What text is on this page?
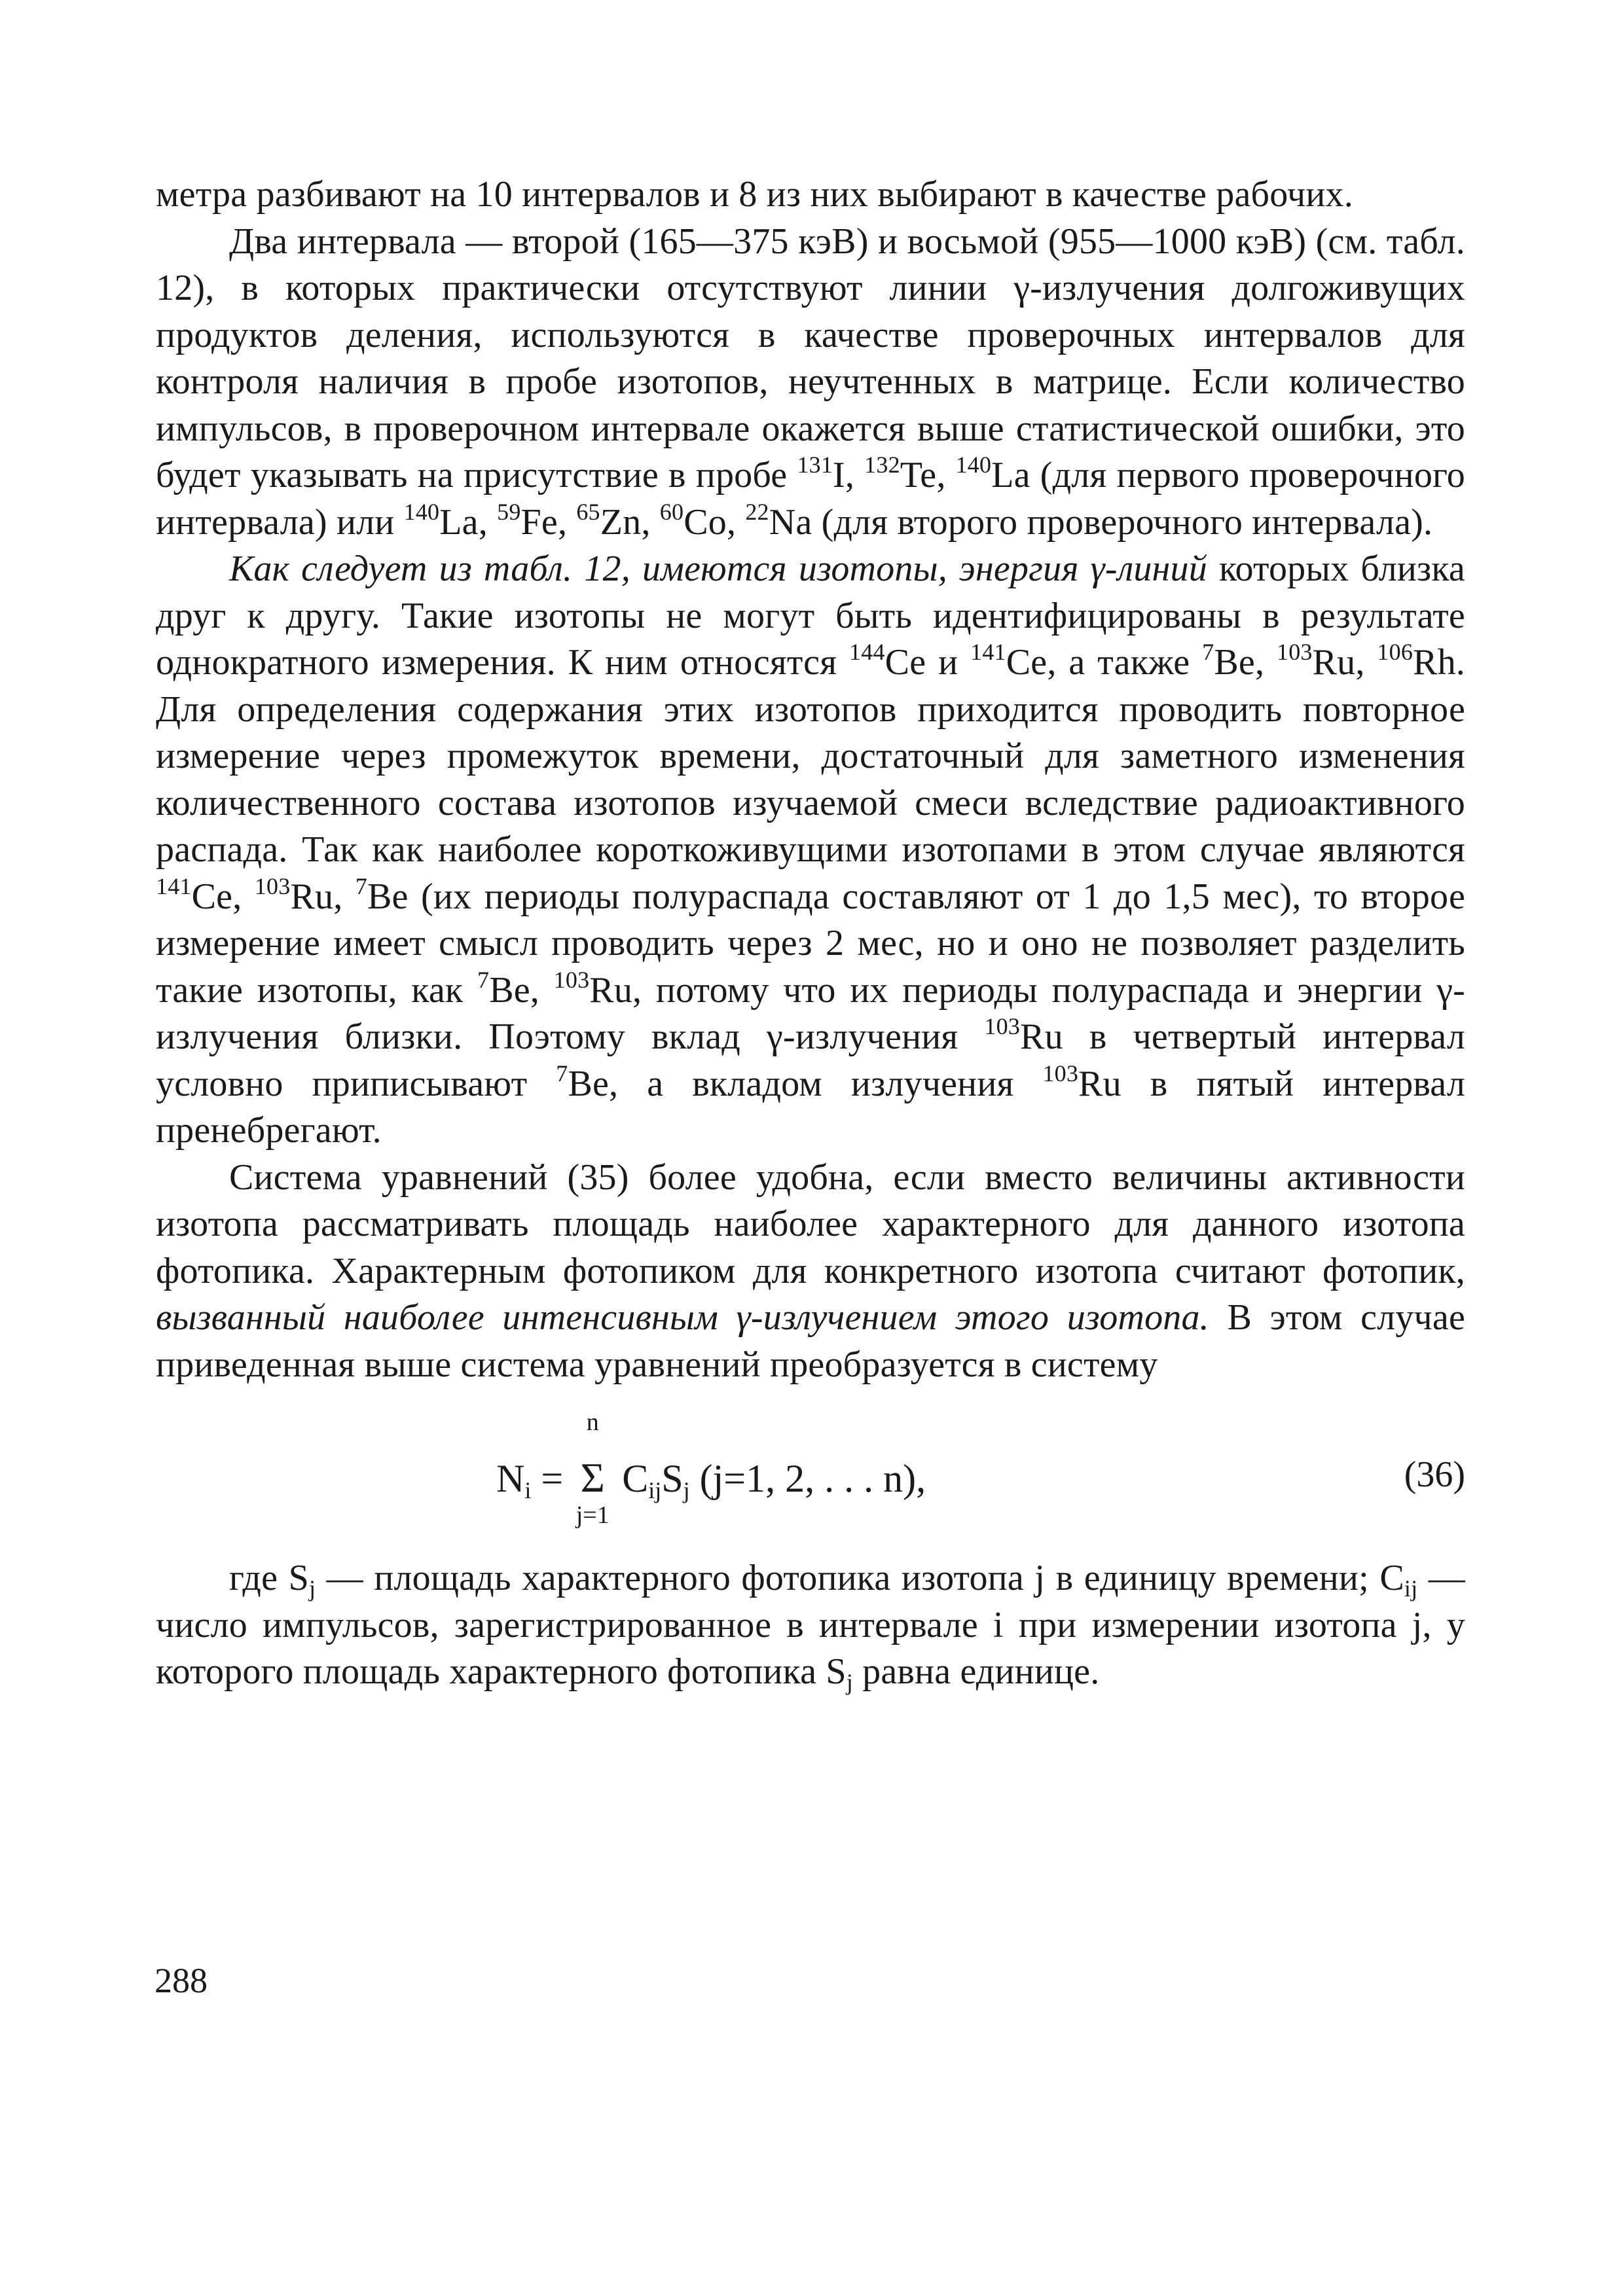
метра разбивают на 10 интервалов и 8 из них выбирают в качестве рабочих.

Два интервала — второй (165—375 кэВ) и восьмой (955—1000 кэВ) (см. табл. 12), в которых практически отсутствуют линии γ-излучения долгоживущих продуктов деления, используются в качестве проверочных интервалов для контроля наличия в пробе изотопов, неучтенных в матрице. Если количество импульсов, в проверочном интервале окажется выше статистической ошибки, это будет указывать на присутствие в пробе $^{131}$I, $^{132}$Te, $^{140}$La (для первого проверочного интервала) или $^{140}$La, $^{59}$Fe, $^{65}$Zn, $^{60}$Co, $^{22}$Na (для второго проверочного интервала).

Как следует из табл. 12, имеются изотопы, энергия γ-линий которых близка друг к другу. Такие изотопы не могут быть идентифицированы в результате однократного измерения. К ним относятся $^{144}$Ce и $^{141}$Ce, а также $^7$Be, $^{103}$Ru, $^{106}$Rh. Для определения содержания этих изотопов приходится проводить повторное измерение через промежуток времени, достаточный для заметного изменения количественного состава изотопов изучаемой смеси вследствие радиоактивного распада. Так как наиболее короткоживущими изотопами в этом случае являются $^{141}$Ce, $^{103}$Ru, $^7$Be (их периоды полураспада составляют от 1 до 1,5 мес), то второе измерение имеет смысл проводить через 2 мес, но и оно не позволяет разделить такие изотопы, как $^7$Be, $^{103}$Ru, потому что их периоды полураспада и энергии γ-излучения близки. Поэтому вклад γ-излучения $^{103}$Ru в четвертый интервал условно приписывают $^7$Be, а вкладом излучения $^{103}$Ru в пятый интервал пренебрегают.

Система уравнений (35) более удобна, если вместо величины активности изотопа рассматривать площадь наиболее характерного для данного изотопа фотопика. Характерным фотопиком для конкретного изотопа считают фотопик, вызванный наиболее интенсивным γ-излучением этого изотопа. В этом случае приведенная выше система уравнений преобразуется в систему

$N_i$ =
n
Σ
j=1
$C_{ij}S_j$ (j=1, 2, . . . n),	(36)

где $S_j$ — площадь характерного фотопика изотопа j в единицу времени; $C_{ij}$ — число импульсов, зарегистрированное в интервале i при измерении изотопа j, у которого площадь характерного фотопика $S_j$ равна единице.

288
